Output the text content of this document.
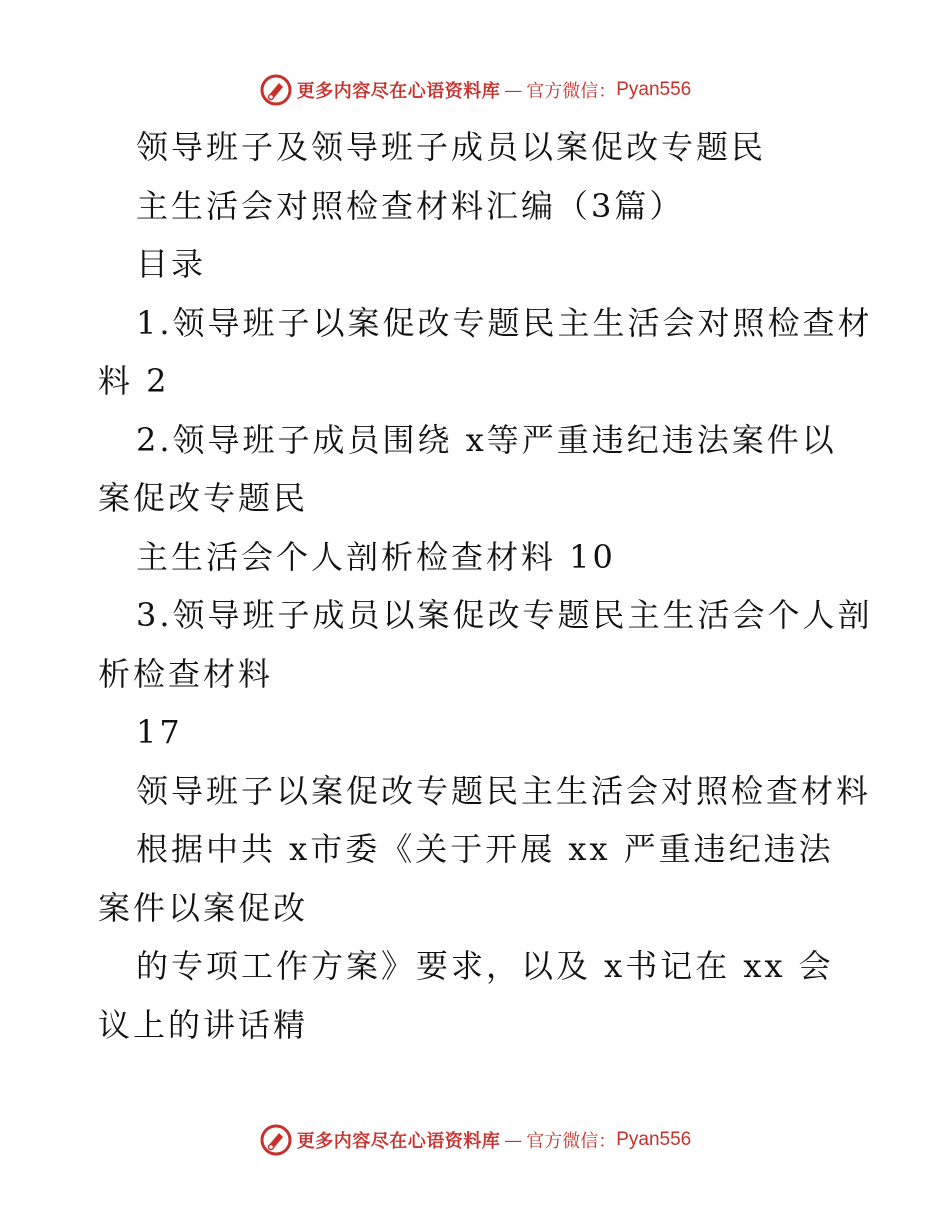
更多内容尽在心语资料库 — 官方微信： Pyan556
领导班子及领导班子成员以案促改专题民
主生活会对照检查材料汇编（3篇）
目录
1.领导班子以案促改专题民主生活会对照检查材
料 2
2.领导班子成员围绕 x等严重违纪违法案件以
案促改专题民
主生活会个人剖析检查材料 10
3.领导班子成员以案促改专题民主生活会个人剖
析检查材料
17
领导班子以案促改专题民主生活会对照检查材料
根据中共 x市委《关于开展 xx 严重违纪违法
案件以案促改
的专项工作方案》要求，以及 x书记在 xx 会
议上的讲话精
更多内容尽在心语资料库 — 官方微信： Pyan556
